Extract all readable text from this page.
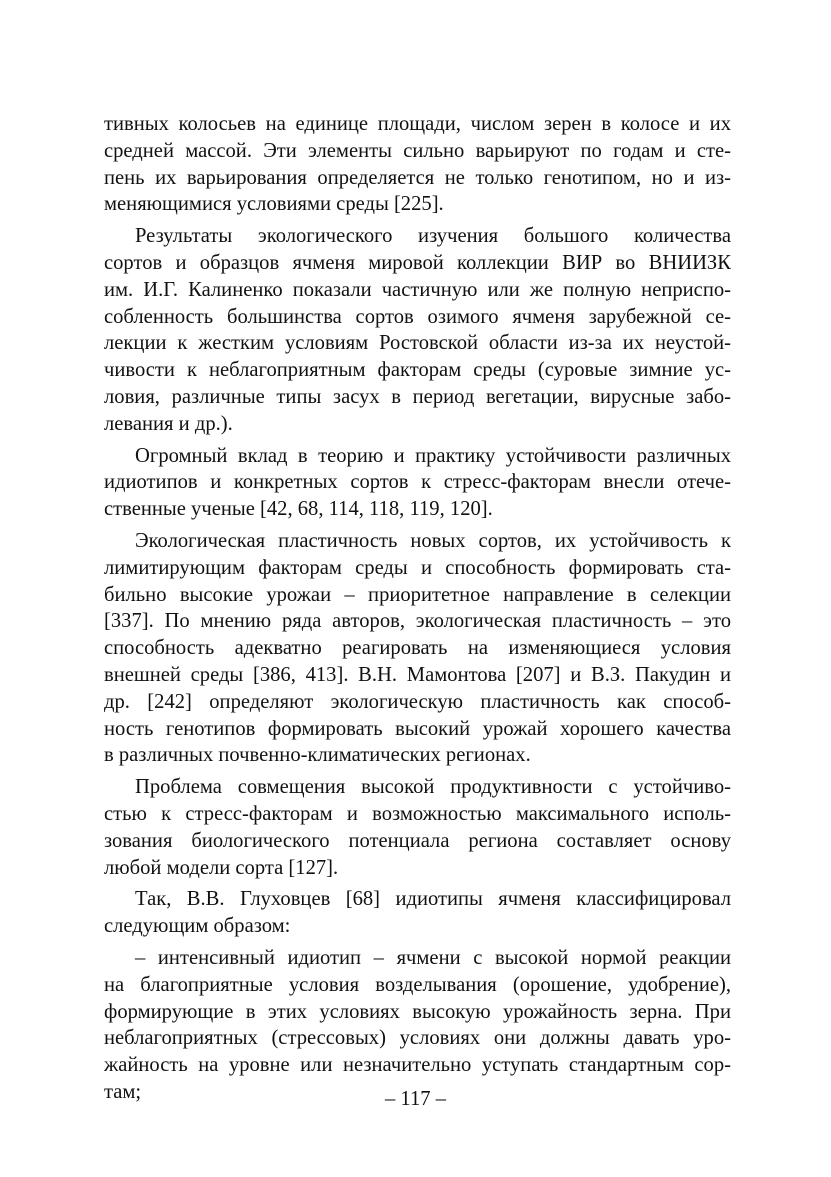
тивных колосьев на единице площади, числом зерен в колосе и их
средней массой. Эти элементы сильно варьируют по годам и сте-
пень их варьирования определяется не только генотипом, но и из-
меняющимися условиями среды [225].
Результаты экологического изучения большого количества
сортов и образцов ячменя мировой коллекции ВИР во ВНИИЗК
им. И.Г. Калиненко показали частичную или же полную неприспо-
собленность большинства сортов озимого ячменя зарубежной се-
лекции к жестким условиям Ростовской области из-за их неустой-
чивости к неблагоприятным факторам среды (суровые зимние ус-
ловия, различные типы засух в период вегетации, вирусные забо-
левания и др.).
Огромный вклад в теорию и практику устойчивости различных
идиотипов и конкретных сортов к стресс-факторам внесли отече-
ственные ученые [42, 68, 114, 118, 119, 120].
Экологическая пластичность новых сортов, их устойчивость к
лимитирующим факторам среды и способность формировать ста-
бильно высокие урожаи – приоритетное направление в селекции
[337]. По мнению ряда авторов, экологическая пластичность – это
способность адекватно реагировать на изменяющиеся условия
внешней среды [386, 413]. В.Н. Мамонтова [207] и В.З. Пакудин и
др. [242] определяют экологическую пластичность как способ-
ность генотипов формировать высокий урожай хорошего качества
в различных почвенно-климатических регионах.
Проблема совмещения высокой продуктивности с устойчиво-
стью к стресс-факторам и возможностью максимального исполь-
зования биологического потенциала региона составляет основу
любой модели сорта [127].
Так, В.В. Глуховцев [68] идиотипы ячменя классифицировал
следующим образом:
– интенсивный идиотип – ячмени с высокой нормой реакции
на благоприятные условия возделывания (орошение, удобрение),
формирующие в этих условиях высокую урожайность зерна. При
неблагоприятных (стрессовых) условиях они должны давать уро-
жайность на уровне или незначительно уступать стандартным сор-
там;	– 117 –
